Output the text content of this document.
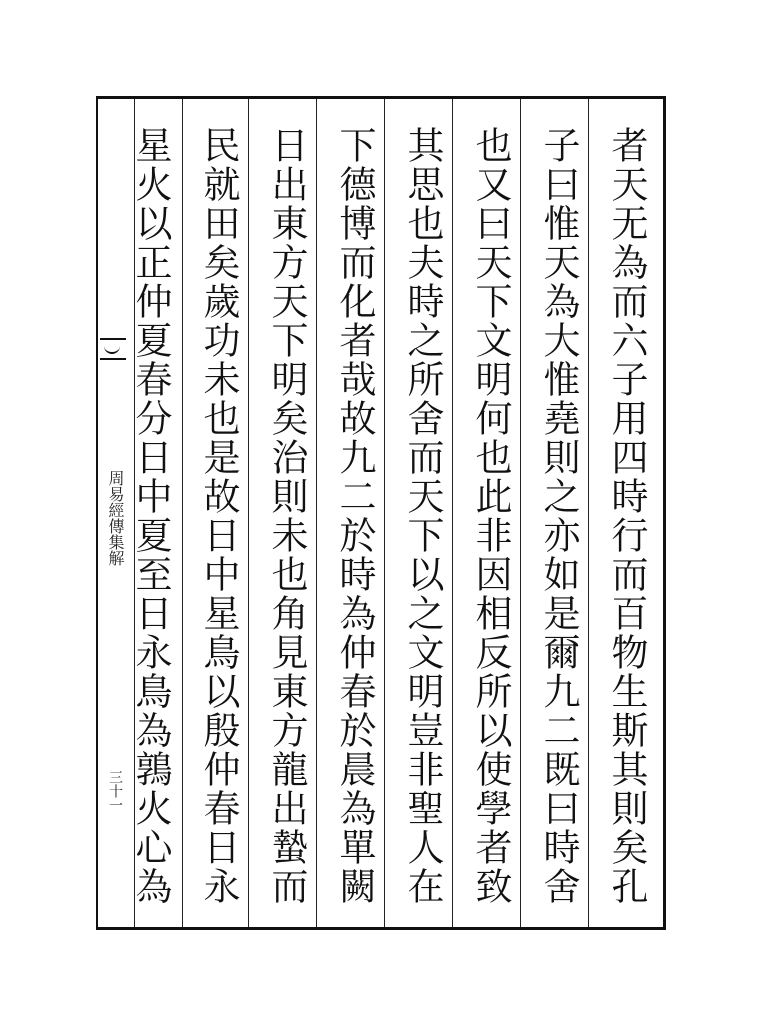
周易經傳集解
三十一	者天无為而六子用四時行而百物生斯其則矣孔
子曰惟天為大惟堯則之亦如是爾九二既曰時舍
也又曰天下文明何也此非因相反所以使學者致
其思也夫時之所舍而天下以之文明豈非聖人在
下德博而化者哉故九二於時為仲春於晨為單闕
日出東方天下明矣治則未也角見東方龍出蟄而
民就田矣歲功未也是故日中星鳥以殷仲春日永
星火以正仲夏春分日中夏至日永鳥為鶉火心為
